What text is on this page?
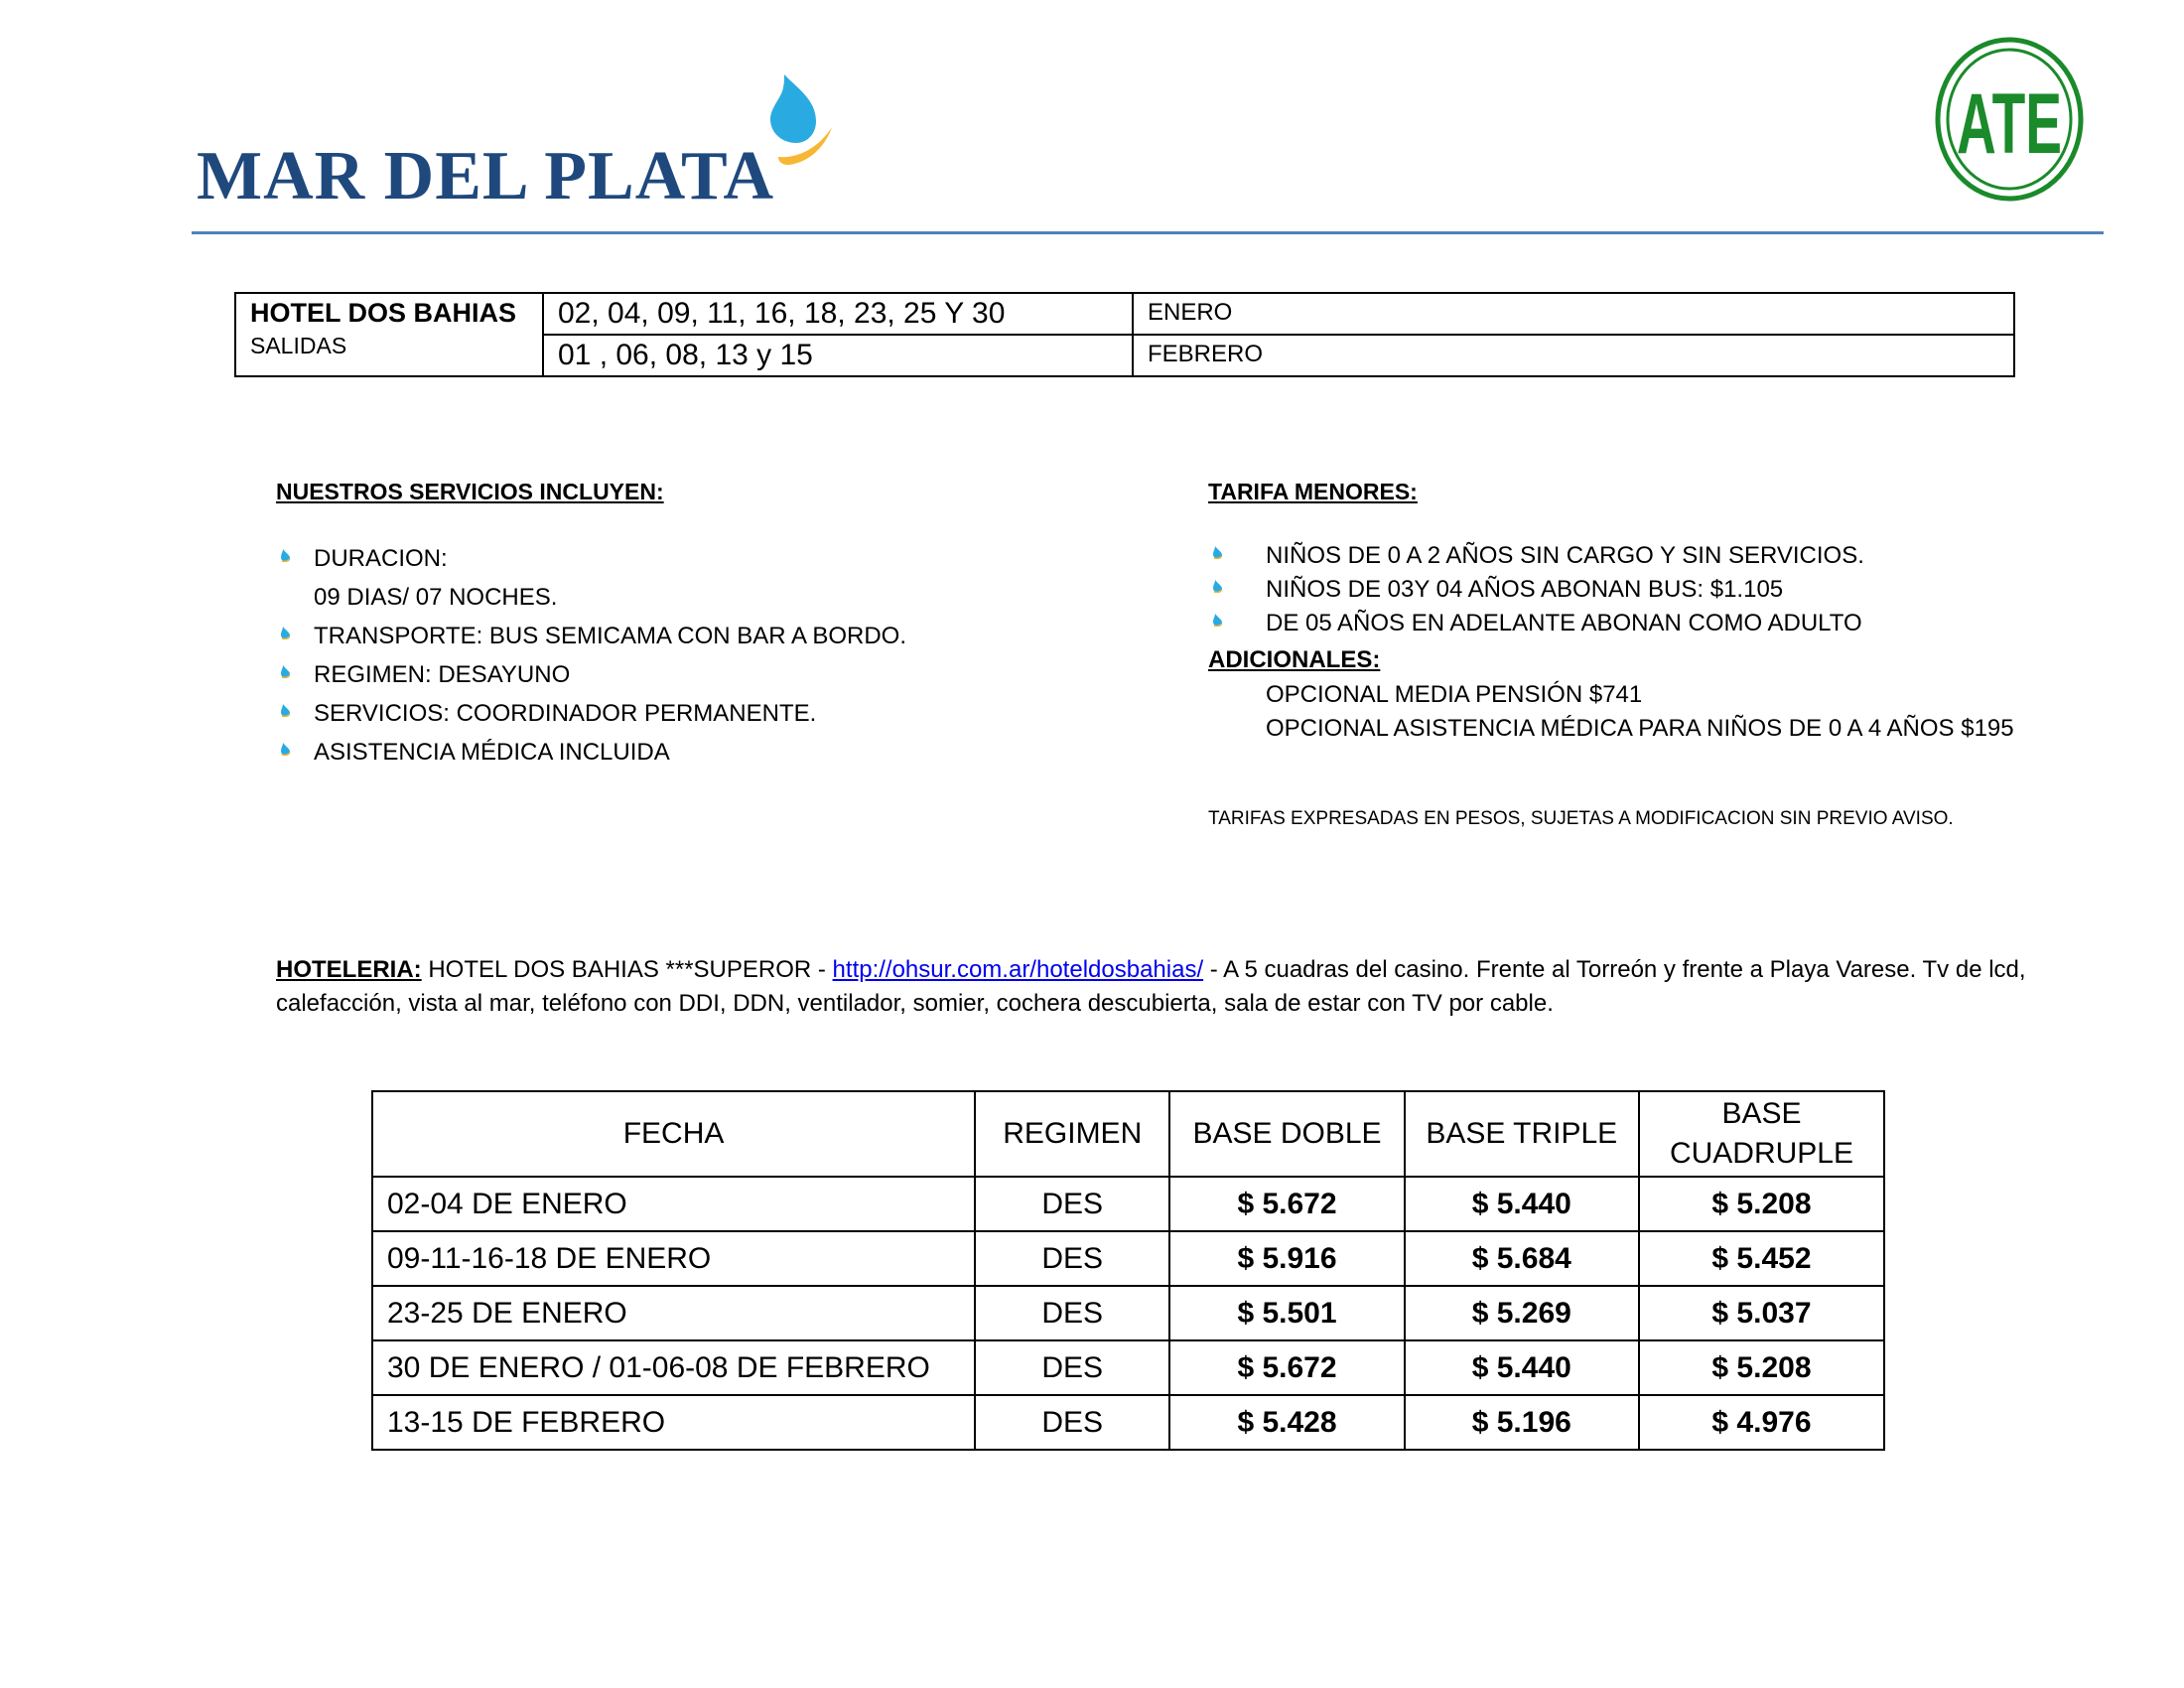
MAR DEL PLATA
ATE
HOTEL DOS BAHIAS
SALIDAS	02, 04, 09, 11, 16, 18, 23, 25 Y 30	ENERO
	01 , 06, 08, 13 y 15	FEBRERO
NUESTROS SERVICIOS INCLUYEN:
DURACION:
09 DIAS/ 07 NOCHES.
TRANSPORTE: BUS SEMICAMA CON BAR A BORDO.
REGIMEN: DESAYUNO
SERVICIOS: COORDINADOR PERMANENTE.
ASISTENCIA MÉDICA INCLUIDA
TARIFA MENORES:
NIÑOS DE 0 A 2 AÑOS SIN CARGO Y SIN SERVICIOS.
NIÑOS DE 03Y 04 AÑOS ABONAN BUS: $1.105
DE 05 AÑOS EN ADELANTE ABONAN COMO ADULTO
ADICIONALES:
OPCIONAL MEDIA PENSIÓN $741
OPCIONAL ASISTENCIA MÉDICA PARA NIÑOS DE 0 A 4 AÑOS $195
TARIFAS EXPRESADAS EN PESOS, SUJETAS A MODIFICACION SIN PREVIO AVISO.
HOTELERIA: HOTEL DOS BAHIAS ***SUPEROR - http://ohsur.com.ar/hoteldosbahias/ - A 5 cuadras del casino. Frente al Torreón y frente a Playa Varese. Tv de lcd, calefacción, vista al mar, teléfono con DDI, DDN, ventilador, somier, cochera descubierta, sala de estar con TV por cable.
FECHA	REGIMEN	BASE DOBLE	BASE TRIPLE	BASE CUADRUPLE
02-04 DE ENERO	DES	$ 5.672	$ 5.440	$ 5.208
09-11-16-18 DE ENERO	DES	$ 5.916	$ 5.684	$ 5.452
23-25 DE ENERO	DES	$ 5.501	$ 5.269	$ 5.037
30 DE ENERO / 01-06-08 DE FEBRERO	DES	$ 5.672	$ 5.440	$ 5.208
13-15 DE FEBRERO	DES	$ 5.428	$ 5.196	$ 4.976
